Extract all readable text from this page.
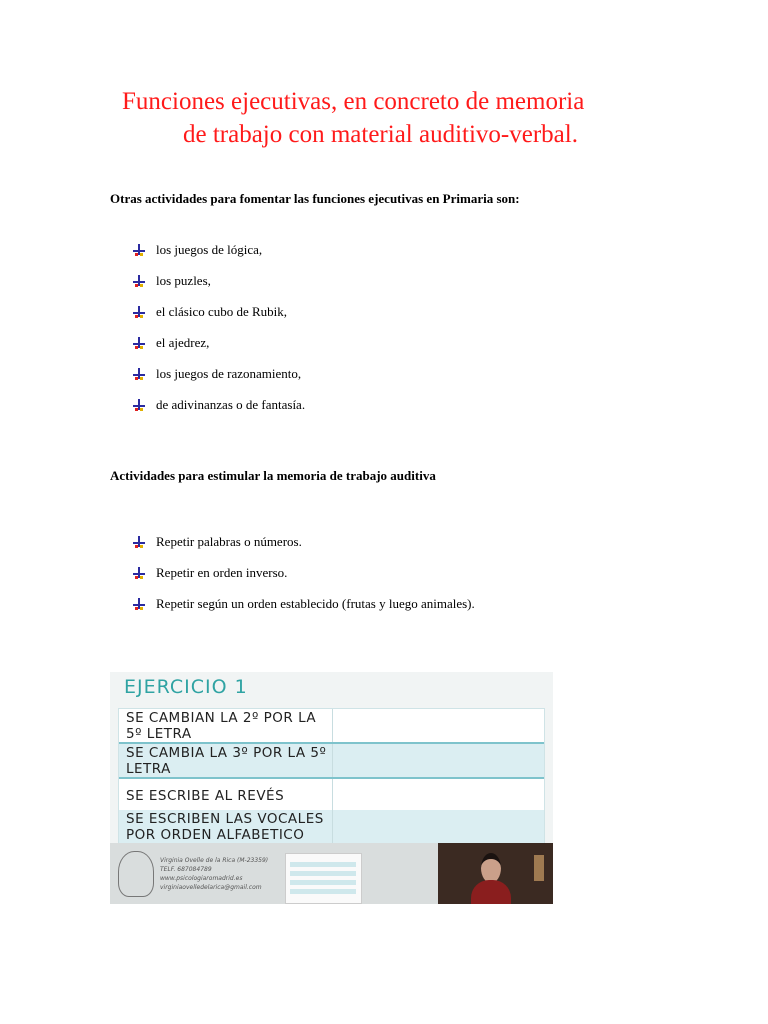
Funciones ejecutivas, en concreto de memoria
de trabajo con material auditivo-verbal.
Otras actividades para fomentar las funciones ejecutivas en Primaria son:
los juegos de lógica,
los puzles,
el clásico cubo de Rubik,
el ajedrez,
los juegos de razonamiento,
de adivinanzas o de fantasía.
Actividades para estimular la memoria de trabajo auditiva
Repetir palabras o números.
Repetir en orden inverso.
Repetir según un orden establecido (frutas y luego animales).
EJERCICIO 1
SE CAMBIAN LA 2º POR LA 5º LETRA
SE CAMBIA LA 3º POR LA 5º LETRA
SE ESCRIBE AL REVÉS
SE ESCRIBEN LAS VOCALES POR ORDEN ALFABETICO
Virginia Ovelle de la Rica (M-23359)
TELF. 687084789
www.psicologiaromadrid.es
virginiaovelledelarica@gmail.com
